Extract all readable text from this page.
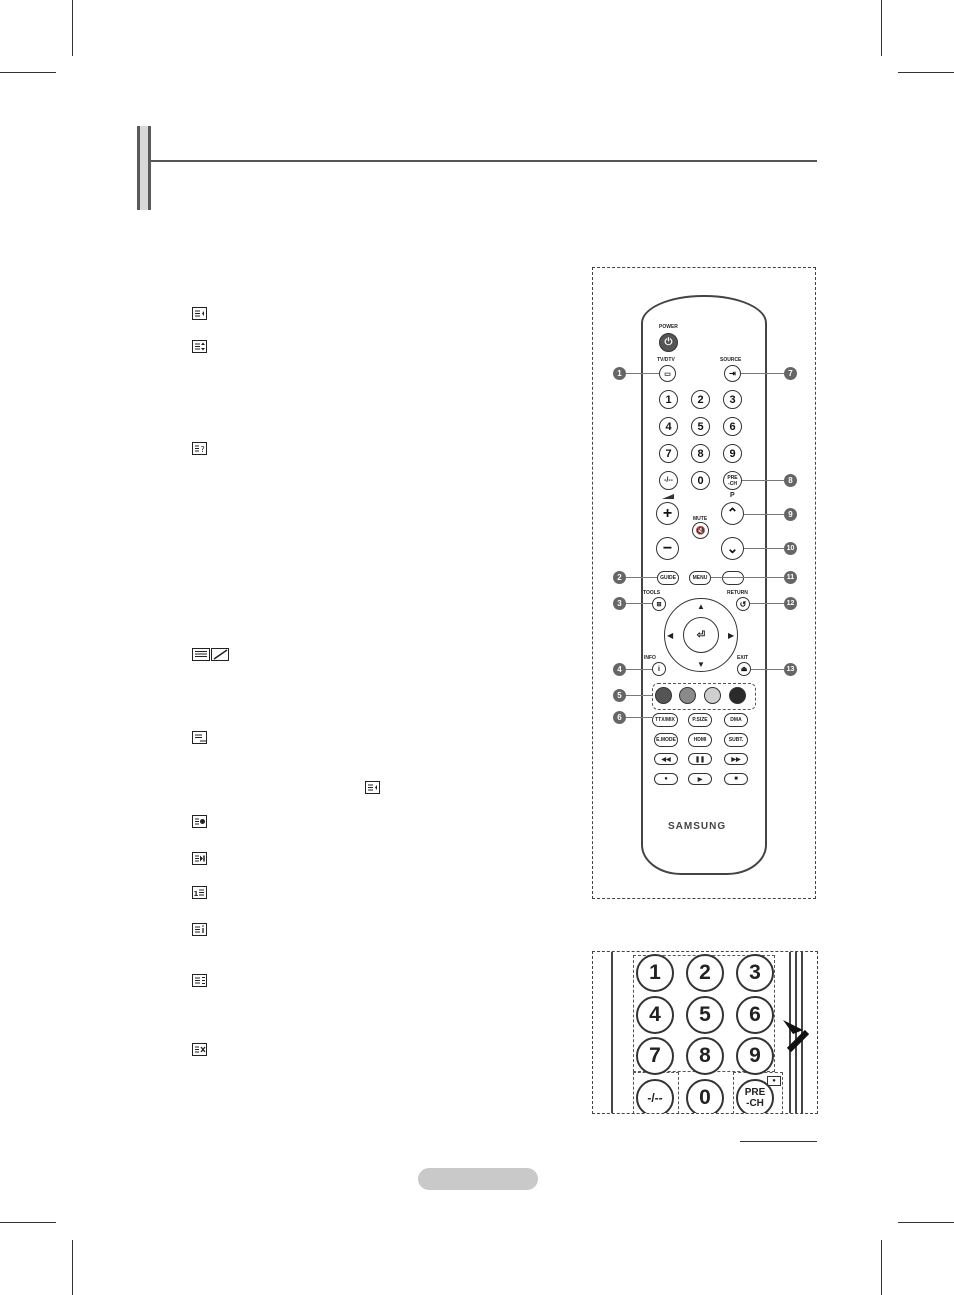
?
1
POWER
⏻
TV/DTV
▭
SOURCE
⇥
1	2	3
4	5	6
7	8	9
-/--	0	PRE
-CH
+
−
MUTE
🔇
P
⌃
⌄
GUIDE	MENU
TOOLS
⊞
RETURN
↺
▲
▼
◀	▶
⏎
INFO
i
EXIT
⏏
TTX/MIX	P.SIZE	DMA
E.MODE	HDMI	SUBT.
◀◀	❚❚	▶▶
●	▶	■
SAMSUNG
1
2
3
4
5
6
7
8
9
10
11
12
13
1	2	3
4	5	6
7	8	9
-/--	0	PRE
-CH
●
